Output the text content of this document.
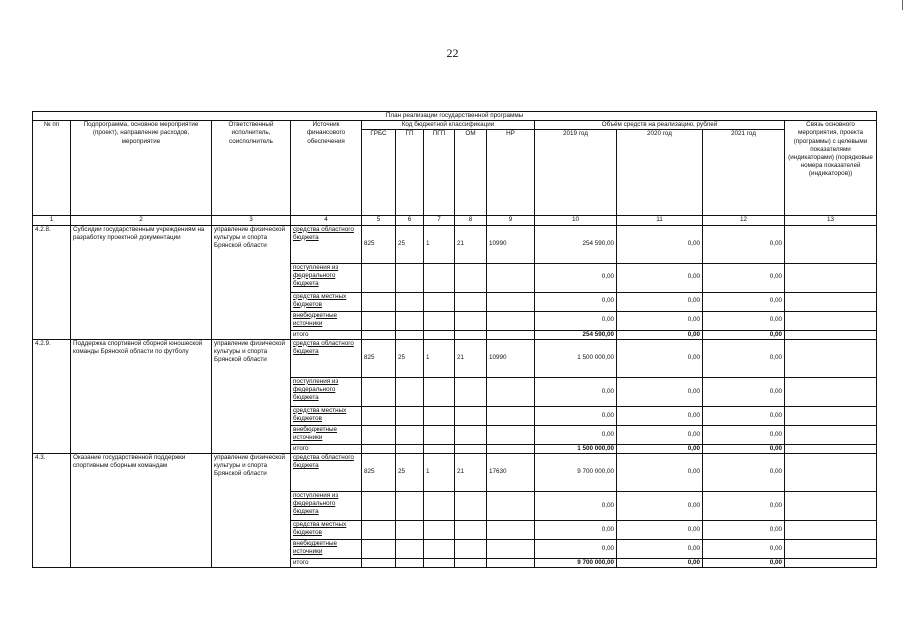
22
План реализации государственной программы												
№ пп	Подпрограмма, основное мероприятие (проект), направление расходов, мероприятие	Ответственный исполнитель, соисполнитель	Источник финансового обеспечения	Код бюджетной классификации					Объём средств на реализацию, рублей			Связь основного мероприятия, проекта (программы) с целевыми показателями (индикаторами) (порядковые номера показателей (индикаторов))
				ГРБС	ГП	ПГП	ОМ	НР	2019 год	2020 год	2021 год	
1	2	3	4	5	6	7	8	9	10	11	12	13
4.2.8.	Субсидии государственным учреждениям на разработку проектной документации	управление физической культуры и спорта Брянской области	средства областного бюджета	825	25	1	21	10990	254 590,00	0,00	0,00	
			поступления из федерального бюджета						0,00	0,00	0,00	
			средства местных бюджетов						0,00	0,00	0,00	
			внебюджетные источники						0,00	0,00	0,00	
			итого						254 590,00	0,00	0,00	
4.2.9.	Поддержка спортивной сборной юношеской команды Брянской области по футболу	управление физической культуры и спорта Брянской области	средства областного бюджета	825	25	1	21	10990	1 500 000,00	0,00	0,00	
			поступления из федерального бюджета						0,00	0,00	0,00	
			средства местных бюджетов						0,00	0,00	0,00	
			внебюджетные источники						0,00	0,00	0,00	
			итого						1 500 000,00	0,00	0,00	
4.3.	Оказание государственной поддержки спортивным сборным командам	управление физической культуры и спорта Брянской области	средства областного бюджета	825	25	1	21	17630	9 700 000,00	0,00	0,00	
			поступления из федерального бюджета						0,00	0,00	0,00	
			средства местных бюджетов						0,00	0,00	0,00	
			внебюджетные источники						0,00	0,00	0,00	
			итого						9 700 000,00	0,00	0,00	
